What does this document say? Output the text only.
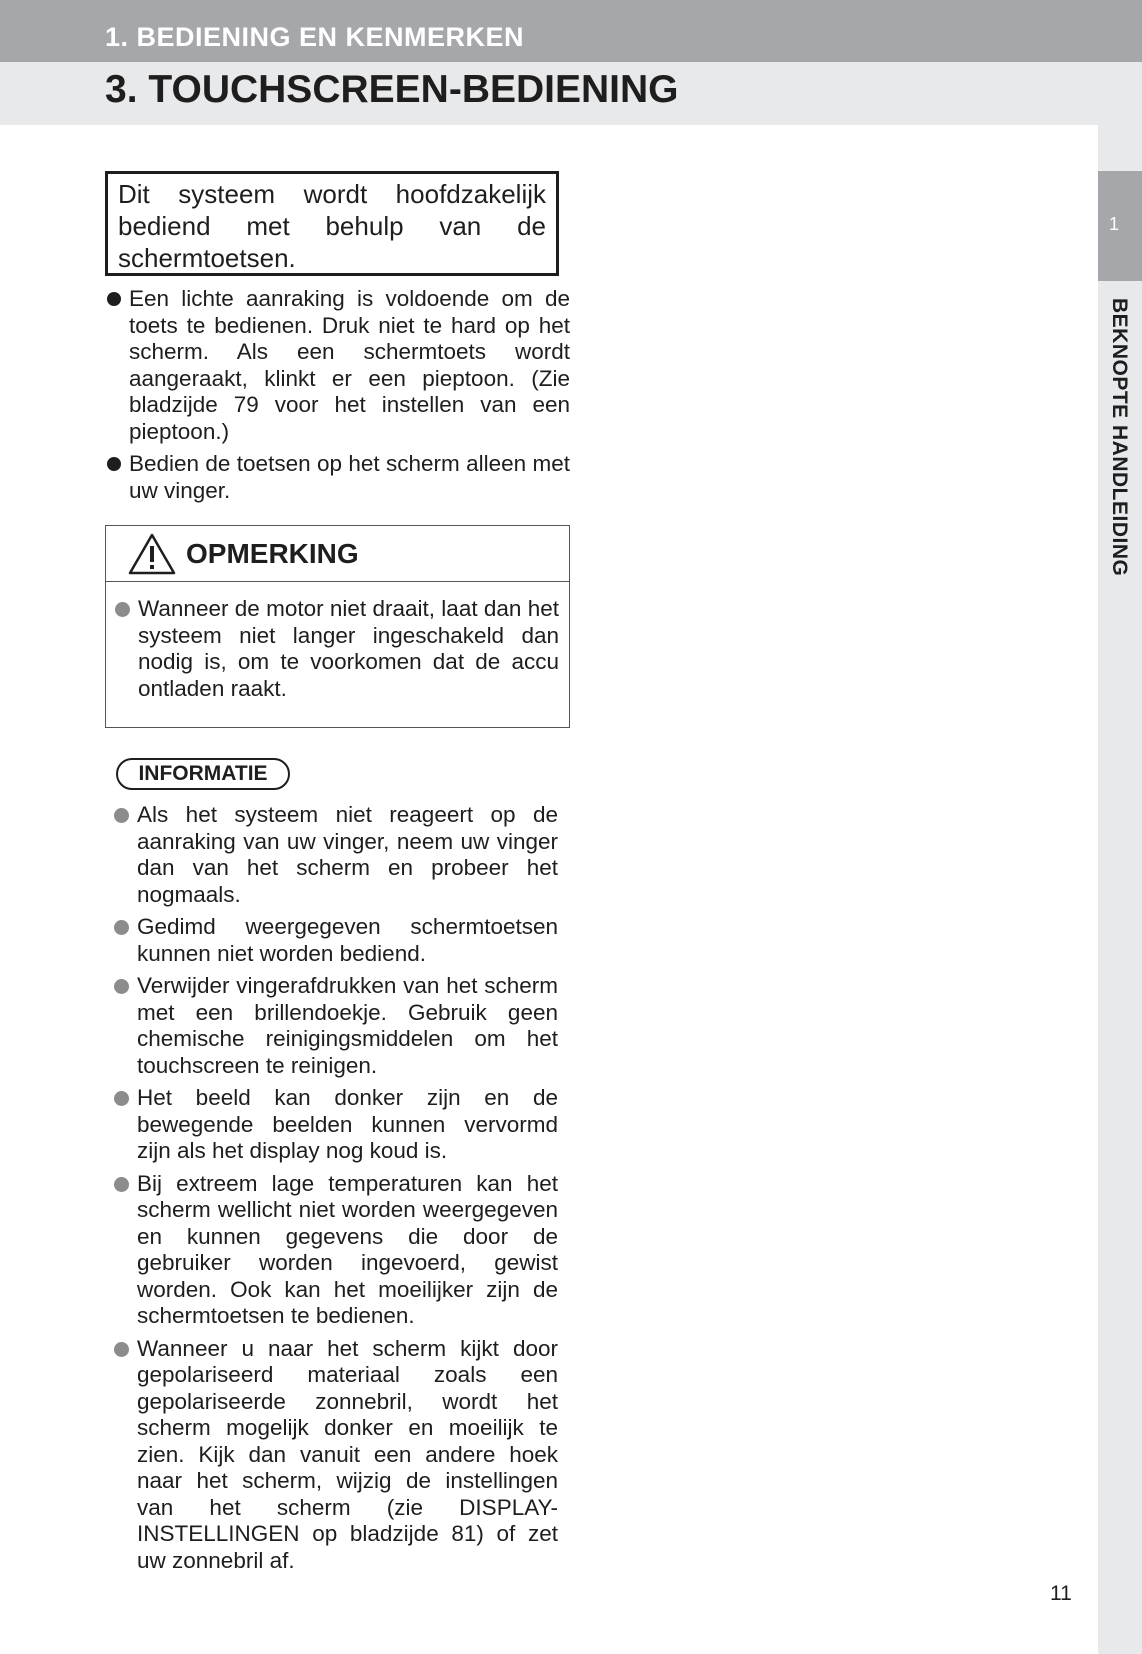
1. BEDIENING EN KENMERKEN
3. TOUCHSCREEN-BEDIENING
1
BEKNOPTE HANDLEIDING

Dit systeem wordt hoofdzakelijk bediend met behulp van de schermtoetsen.

Een lichte aanraking is voldoende om de toets te bedienen. Druk niet te hard op het scherm. Als een schermtoets wordt aangeraakt, klinkt er een pieptoon. (Zie bladzijde 79 voor het instellen van een pieptoon.)
Bedien de toetsen op het scherm alleen met uw vinger.
OPMERKING
Wanneer de motor niet draait, laat dan het systeem niet langer ingeschakeld dan nodig is, om te voorkomen dat de accu ontladen raakt.
INFORMATIE
Als het systeem niet reageert op de aanraking van uw vinger, neem uw vinger dan van het scherm en probeer het nogmaals.
Gedimd weergegeven schermtoetsen kunnen niet worden bediend.
Verwijder vingerafdrukken van het scherm met een brillendoekje. Gebruik geen chemische reinigingsmiddelen om het touchscreen te reinigen.
Het beeld kan donker zijn en de bewegende beelden kunnen vervormd zijn als het display nog koud is.
Bij extreem lage temperaturen kan het scherm wellicht niet worden weergegeven en kunnen gegevens die door de gebruiker worden ingevoerd, gewist worden. Ook kan het moeilijker zijn de schermtoetsen te bedienen.
Wanneer u naar het scherm kijkt door gepolariseerd materiaal zoals een gepolariseerde zonnebril, wordt het scherm mogelijk donker en moeilijk te zien. Kijk dan vanuit een andere hoek naar het scherm, wijzig de instellingen van het scherm (zie DISPLAY-INSTELLINGEN op bladzijde 81) of zet uw zonnebril af.
11
